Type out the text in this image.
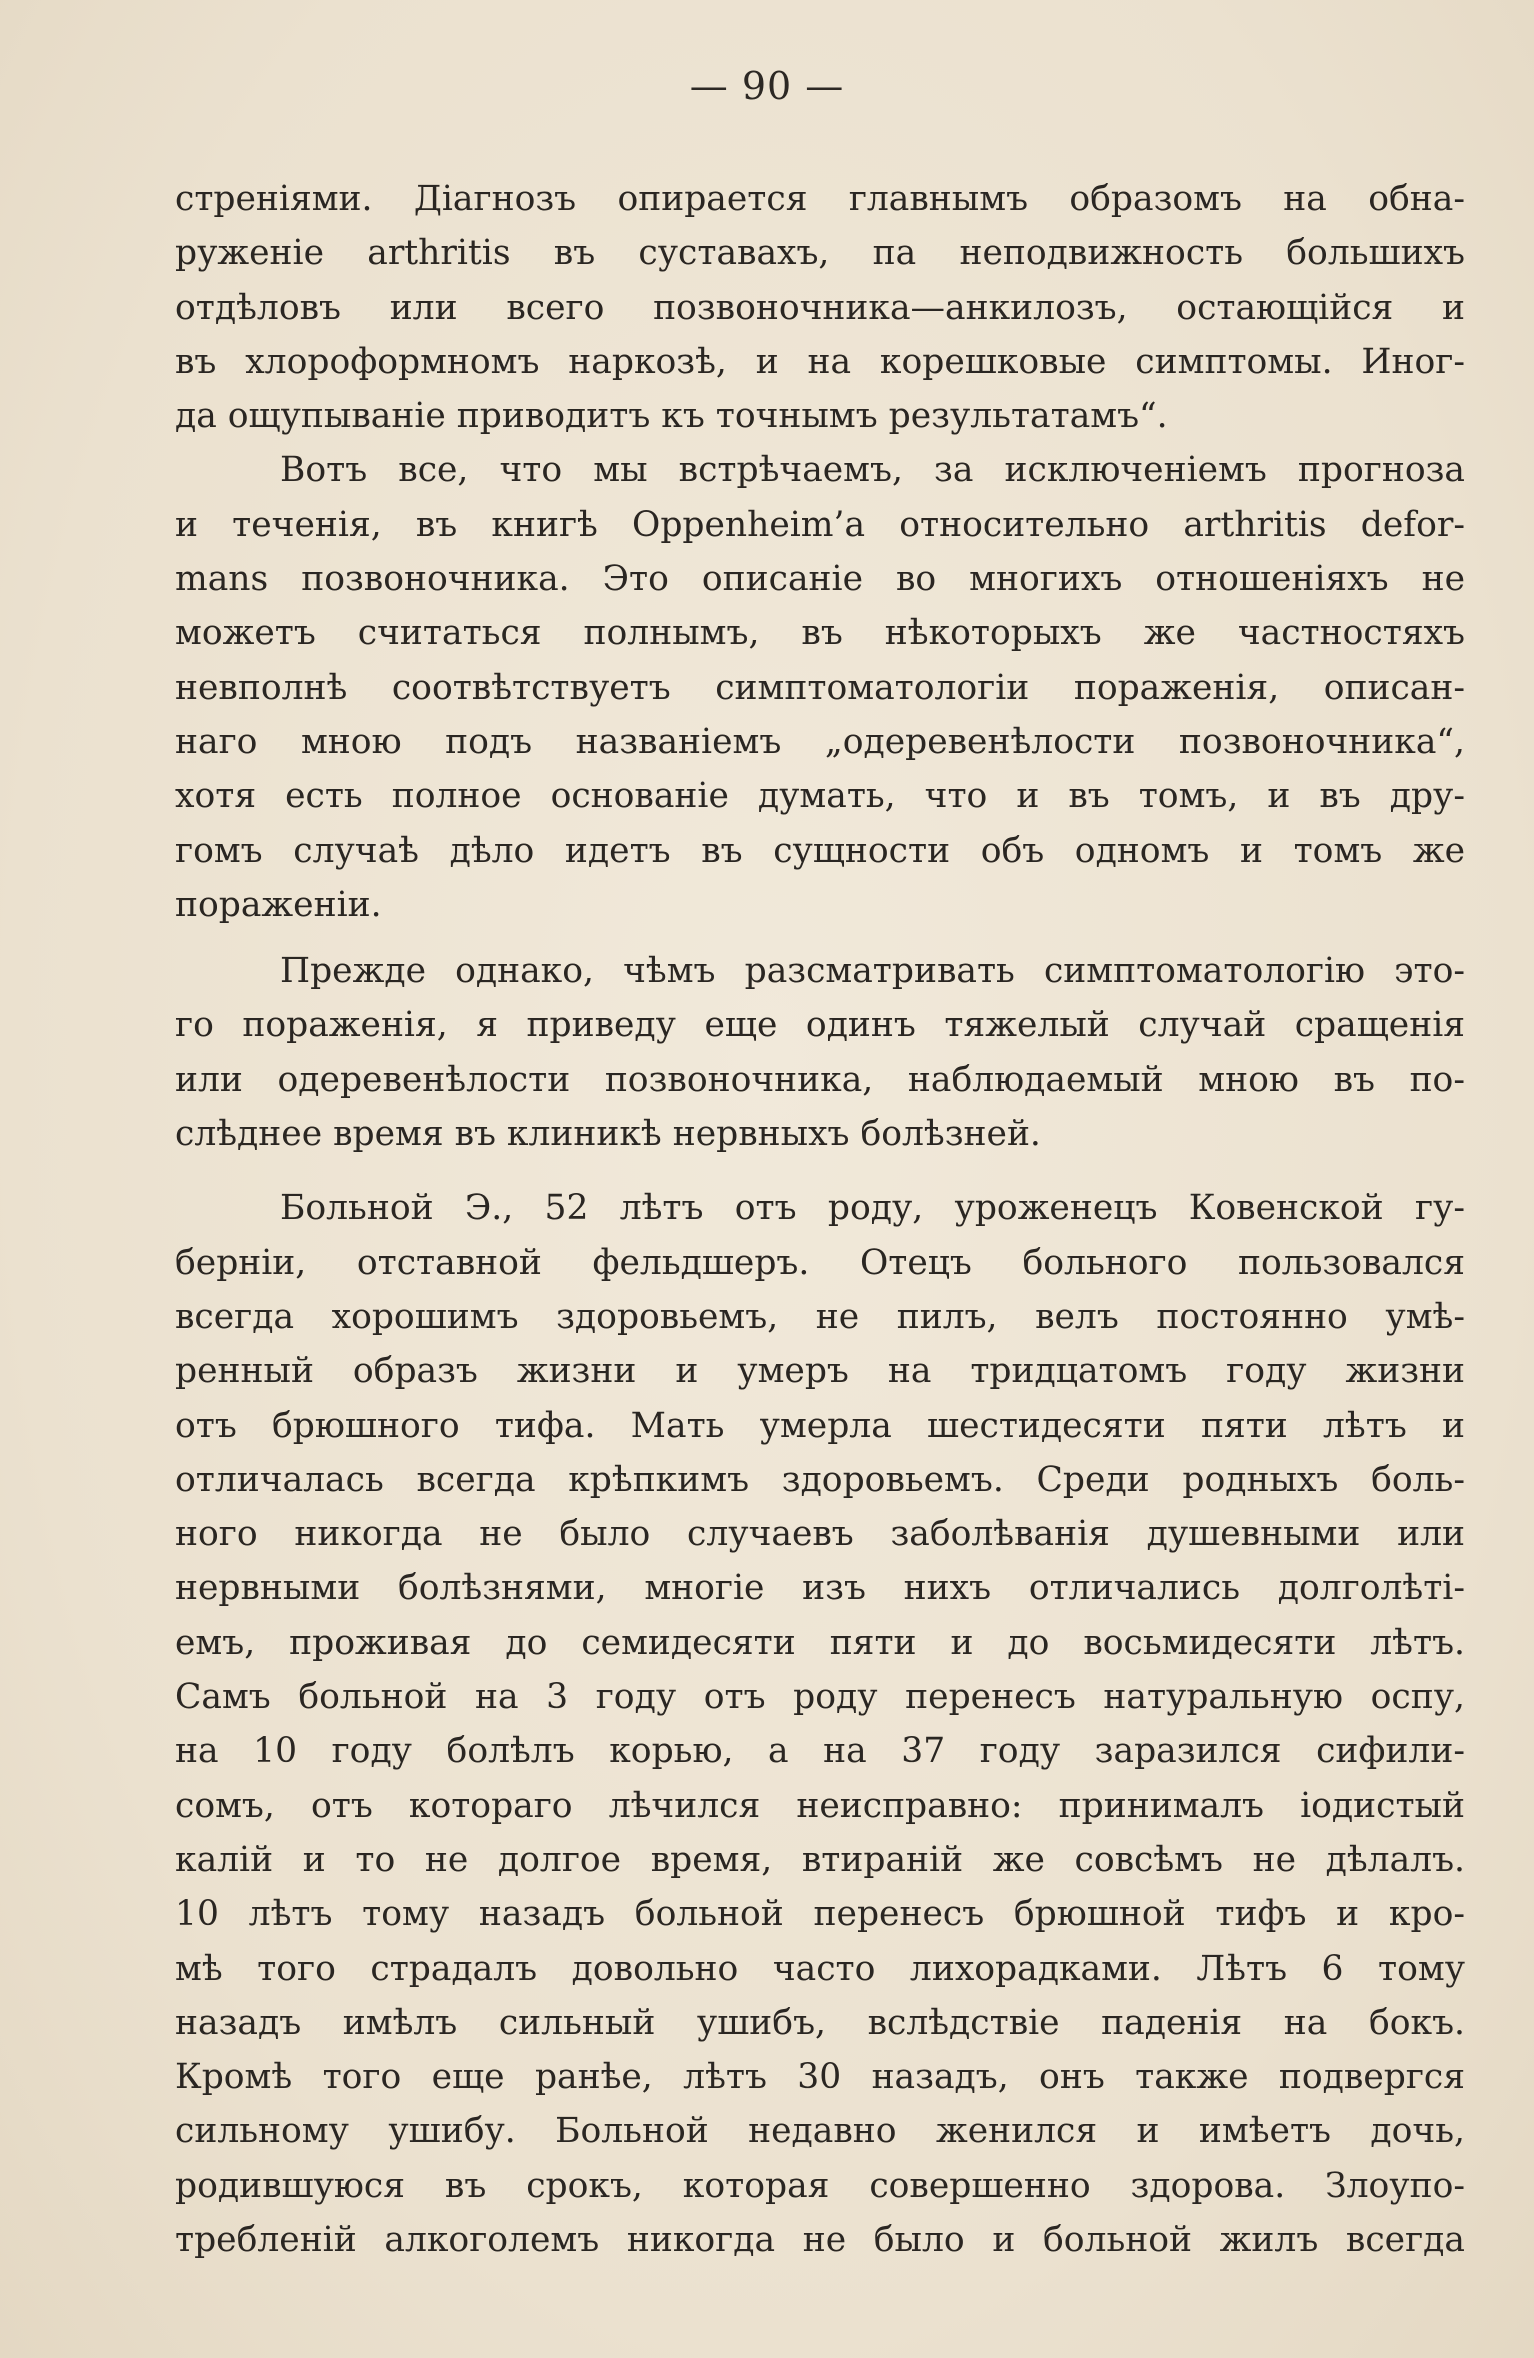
— 90 —
стреніями. Діагнозъ опирается главнымъ образомъ на обна-
руженіе arthritis въ суставахъ, па неподвижность большихъ
отдѣловъ или всего позвоночника—анкилозъ, остающійся и
въ хлороформномъ наркозѣ, и на корешковые симптомы. Иног-
да ощупываніе приводитъ къ точнымъ результатамъ“.
Вотъ все, что мы встрѣчаемъ, за исключеніемъ прогноза
и теченія, въ книгѣ Oppenheim’a относительно arthritis defor-
mans позвоночника. Это описаніе во многихъ отношеніяхъ не
можетъ считаться полнымъ, въ нѣкоторыхъ же частностяхъ
невполнѣ соотвѣтствуетъ симптоматологіи пораженія, описан-
наго мною подъ названіемъ „одеревенѣлости позвоночника“,
хотя есть полное основаніе думать, что и въ томъ, и въ дру-
гомъ случаѣ дѣло идетъ въ сущности объ одномъ и томъ же
пораженіи.
Прежде однако, чѣмъ разсматривать симптоматологію это-
го пораженія, я приведу еще одинъ тяжелый случай сращенія
или одеревенѣлости позвоночника, наблюдаемый мною въ по-
слѣднее время въ клиникѣ нервныхъ болѣзней.
Больной Э., 52 лѣтъ отъ роду, уроженецъ Ковенской гу-
берніи, отставной фельдшеръ. Отецъ больного пользовался
всегда хорошимъ здоровьемъ, не пилъ, велъ постоянно умѣ-
ренный образъ жизни и умеръ на тридцатомъ году жизни
отъ брюшного тифа. Мать умерла шестидесяти пяти лѣтъ и
отличалась всегда крѣпкимъ здоровьемъ. Среди родныхъ боль-
ного никогда не было случаевъ заболѣванія душевными или
нервными болѣзнями, многіе изъ нихъ отличались долголѣті-
емъ, проживая до семидесяти пяти и до восьмидесяти лѣтъ.
Самъ больной на 3 году отъ роду перенесъ натуральную оспу,
на 10 году болѣлъ корью, а на 37 году заразился сифили-
сомъ, отъ котораго лѣчился неисправно: принималъ іодистый
калій и то не долгое время, втираній же совсѣмъ не дѣлалъ.
10 лѣтъ тому назадъ больной перенесъ брюшной тифъ и кро-
мѣ того страдалъ довольно часто лихорадками. Лѣтъ 6 тому
назадъ имѣлъ сильный ушибъ, вслѣдствіе паденія на бокъ.
Кромѣ того еще ранѣе, лѣтъ 30 назадъ, онъ также подвергся
сильному ушибу. Больной недавно женился и имѣетъ дочь,
родившуюся въ срокъ, которая совершенно здорова. Злоупо-
требленій алкоголемъ никогда не было и больной жилъ всегда
